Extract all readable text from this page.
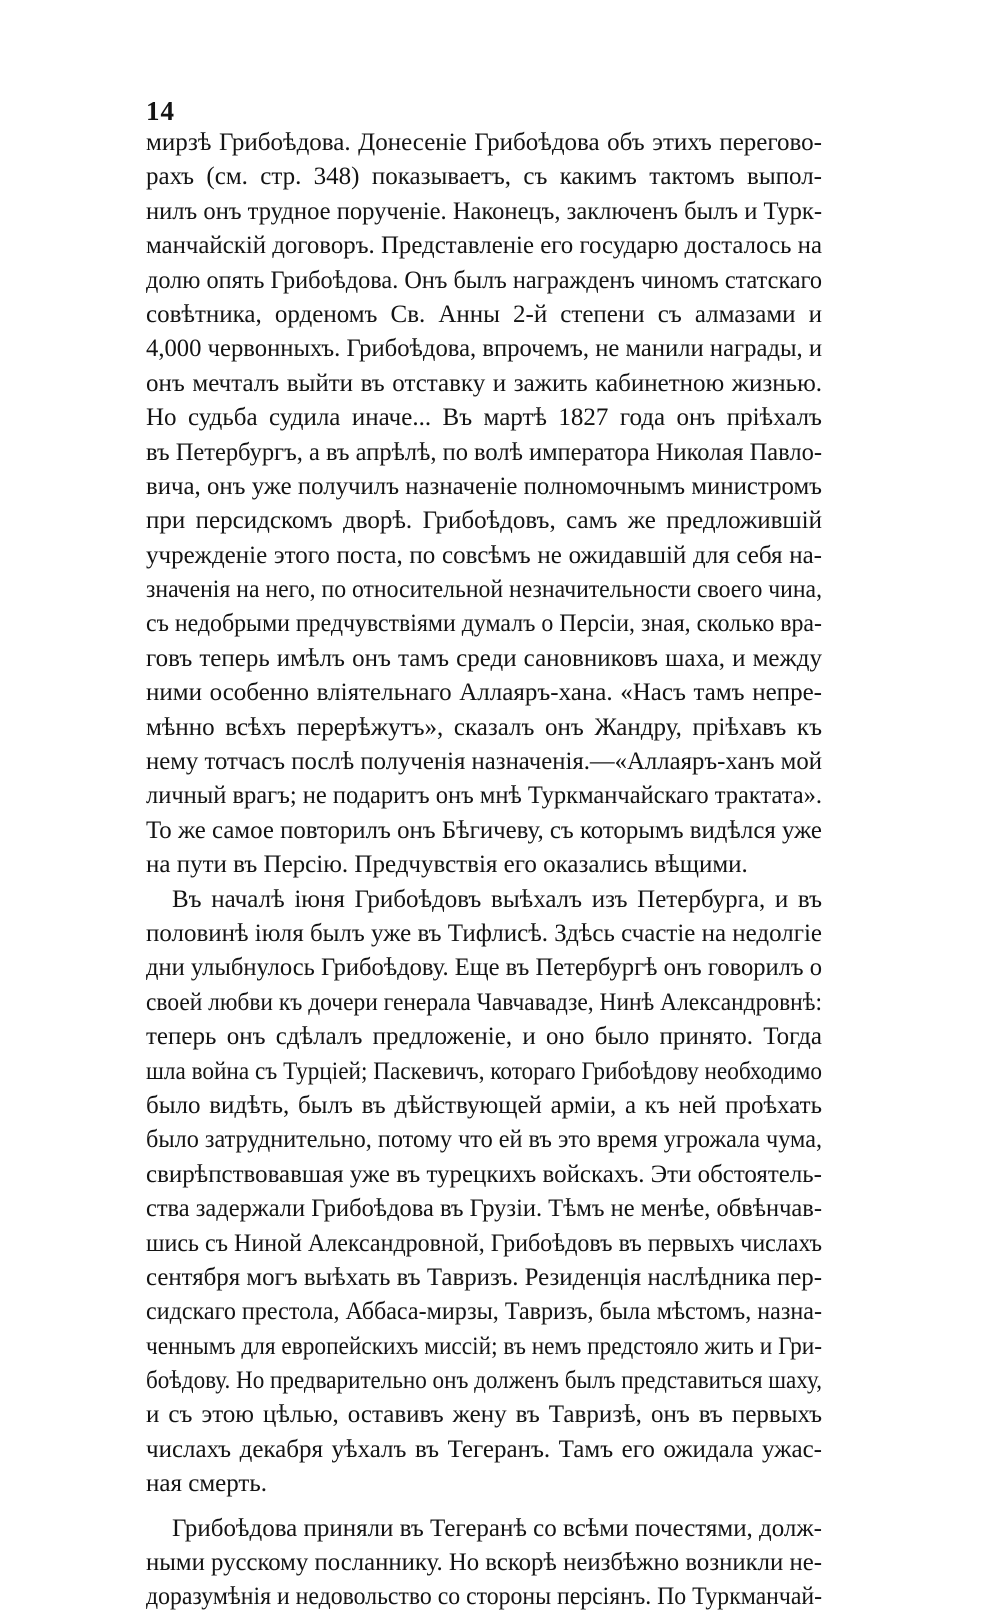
14
мирзѣ Грибоѣдова. Донесеніе Грибоѣдова объ этихъ перегово-
рахъ (см. стр. 348) показываетъ, съ какимъ тактомъ выпол-
нилъ онъ трудное порученіе. Наконецъ, заключенъ былъ и Турк-
манчайскій договоръ. Представленіе его государю досталось на
долю опять Грибоѣдова. Онъ былъ награжденъ чиномъ статскаго
совѣтника, орденомъ Св. Анны 2-й степени съ алмазами и
4,000 червонныхъ. Грибоѣдова, впрочемъ, не манили награды, и
онъ мечталъ выйти въ отставку и зажить кабинетною жизнью.
Но судьба судила иначе... Въ мартѣ 1827 года онъ пріѣхалъ
въ Петербургъ, а въ апрѣлѣ, по волѣ императора Николая Павло-
вича, онъ уже получилъ назначеніе полномочнымъ министромъ
при персидскомъ дворѣ. Грибоѣдовъ, самъ же предложившій
учрежденіе этого поста, по совсѣмъ не ожидавшій для себя на-
значенія на него, по относительной незначительности своего чина,
съ недобрыми предчувствіями думалъ о Персіи, зная, сколько вра-
говъ теперь имѣлъ онъ тамъ среди сановниковъ шаха, и между
ними особенно вліятельнаго Аллаяръ-хана. «Насъ тамъ непре-
мѣнно всѣхъ перерѣжутъ», сказалъ онъ Жандру, пріѣхавъ къ
нему тотчасъ послѣ полученія назначенія.—«Аллаяръ-ханъ мой
личный врагъ; не подаритъ онъ мнѣ Туркманчайскаго трактата».
То же самое повторилъ онъ Бѣгичеву, съ которымъ видѣлся уже
на пути въ Персію. Предчувствія его оказались вѣщими.
Въ началѣ іюня Грибоѣдовъ выѣхалъ изъ Петербурга, и въ
половинѣ іюля былъ уже въ Тифлисѣ. Здѣсь счастіе на недолгіе
дни улыбнулось Грибоѣдову. Еще въ Петербургѣ онъ говорилъ о
своей любви къ дочери генерала Чавчавадзе, Нинѣ Александровнѣ:
теперь онъ сдѣлалъ предложеніе, и оно было принято. Тогда
шла война съ Турціей; Паскевичъ, котораго Грибоѣдову необходимо
было видѣть, былъ въ дѣйствующей арміи, а къ ней проѣхать
было затруднительно, потому что ей въ это время угрожала чума,
свирѣпствовавшая уже въ турецкихъ войскахъ. Эти обстоятель-
ства задержали Грибоѣдова въ Грузіи. Тѣмъ не менѣе, обвѣнчав-
шись съ Ниной Александровной, Грибоѣдовъ въ первыхъ числахъ
сентября могъ выѣхать въ Тавризъ. Резиденція наслѣдника пер-
сидскаго престола, Аббаса-мирзы, Тавризъ, была мѣстомъ, назна-
ченнымъ для европейскихъ миссій; въ немъ предстояло жить и Гри-
боѣдову. Но предварительно онъ долженъ былъ представиться шаху,
и съ этою цѣлью, оставивъ жену въ Тавризѣ, онъ въ первыхъ
числахъ декабря уѣхалъ въ Тегеранъ. Тамъ его ожидала ужас-
ная смерть.
Грибоѣдова приняли въ Тегеранѣ со всѣми почестями, долж-
ными русскому посланнику. Но вскорѣ неизбѣжно возникли не-
доразумѣнія и недовольство со стороны персіянъ. По Туркманчай-
